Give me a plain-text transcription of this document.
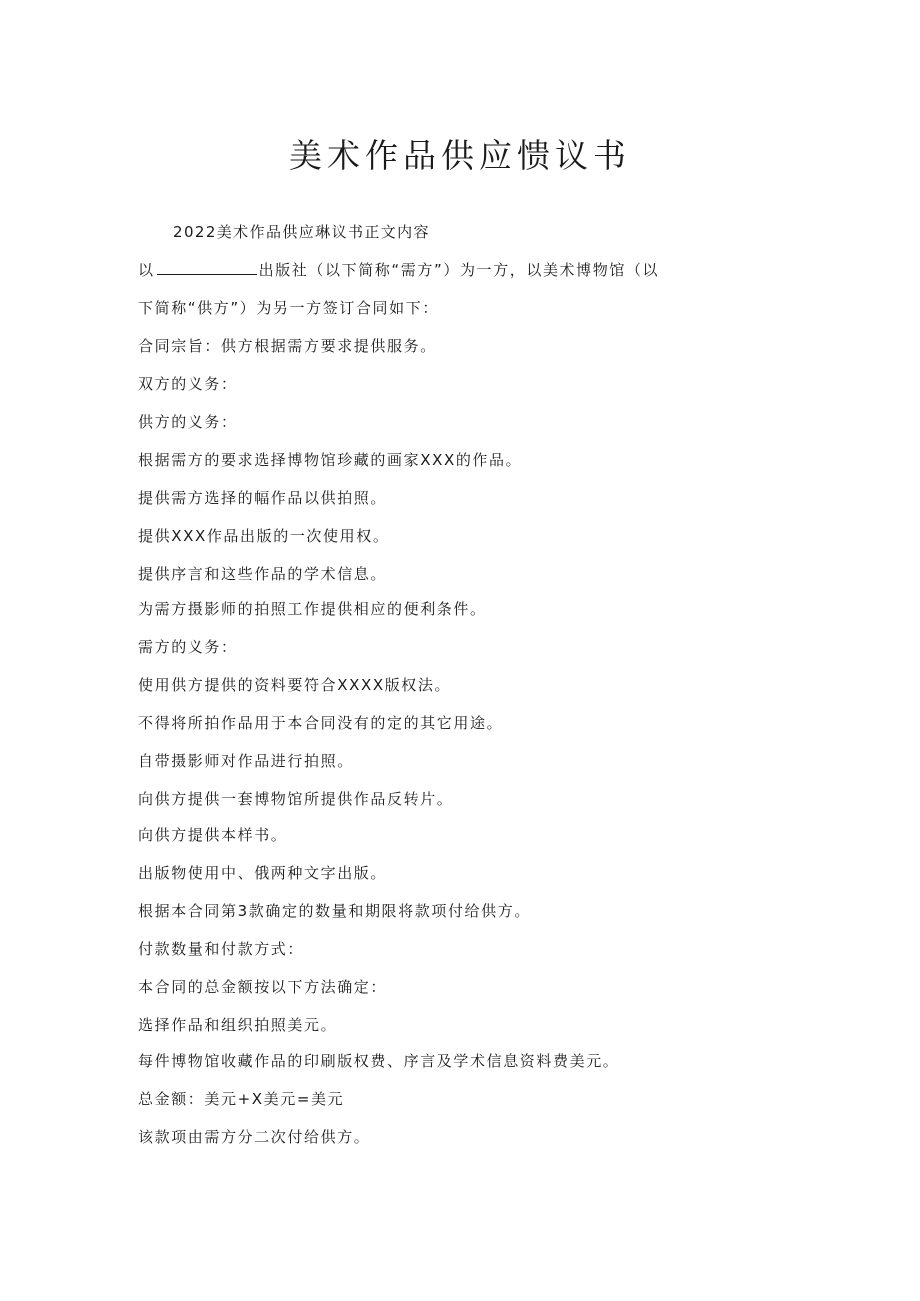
美术作品供应愦议书
2022美术作品供应琳议书正文内容
以	出版社（以下简称“需方”）为一方，以美术博物馆（以
下简称“供方”）为另一方签订合同如下：
合同宗旨：供方根据需方要求提供服务。
双方的义务：
供方的义务：
根据需方的要求选择博物馆珍藏的画家XXX的作品。
提供需方选择的幅作品以供拍照。
提供XXX作品出版的一次使用权。
提供序言和这些作品的学术信息。
为需方摄影师的拍照工作提供相应的便利条件。
需方的义务：
使用供方提供的资料要符合XXXX版权法。
不得将所拍作品用于本合同没有的定的其它用途。
自带摄影师对作品进行拍照。
向供方提供一套博物馆所提供作品反转片。
向供方提供本样书。
出版物使用中、俄两种文字出版。
根据本合同第3款确定的数量和期限将款项付给供方。
付款数量和付款方式：
本合同的总金额按以下方法确定：
选择作品和组织拍照美元。
每件博物馆收藏作品的印刷版权费、序言及学术信息资料费美元。
总金额：美元+X美元=美元
该款项由需方分二次付给供方。
